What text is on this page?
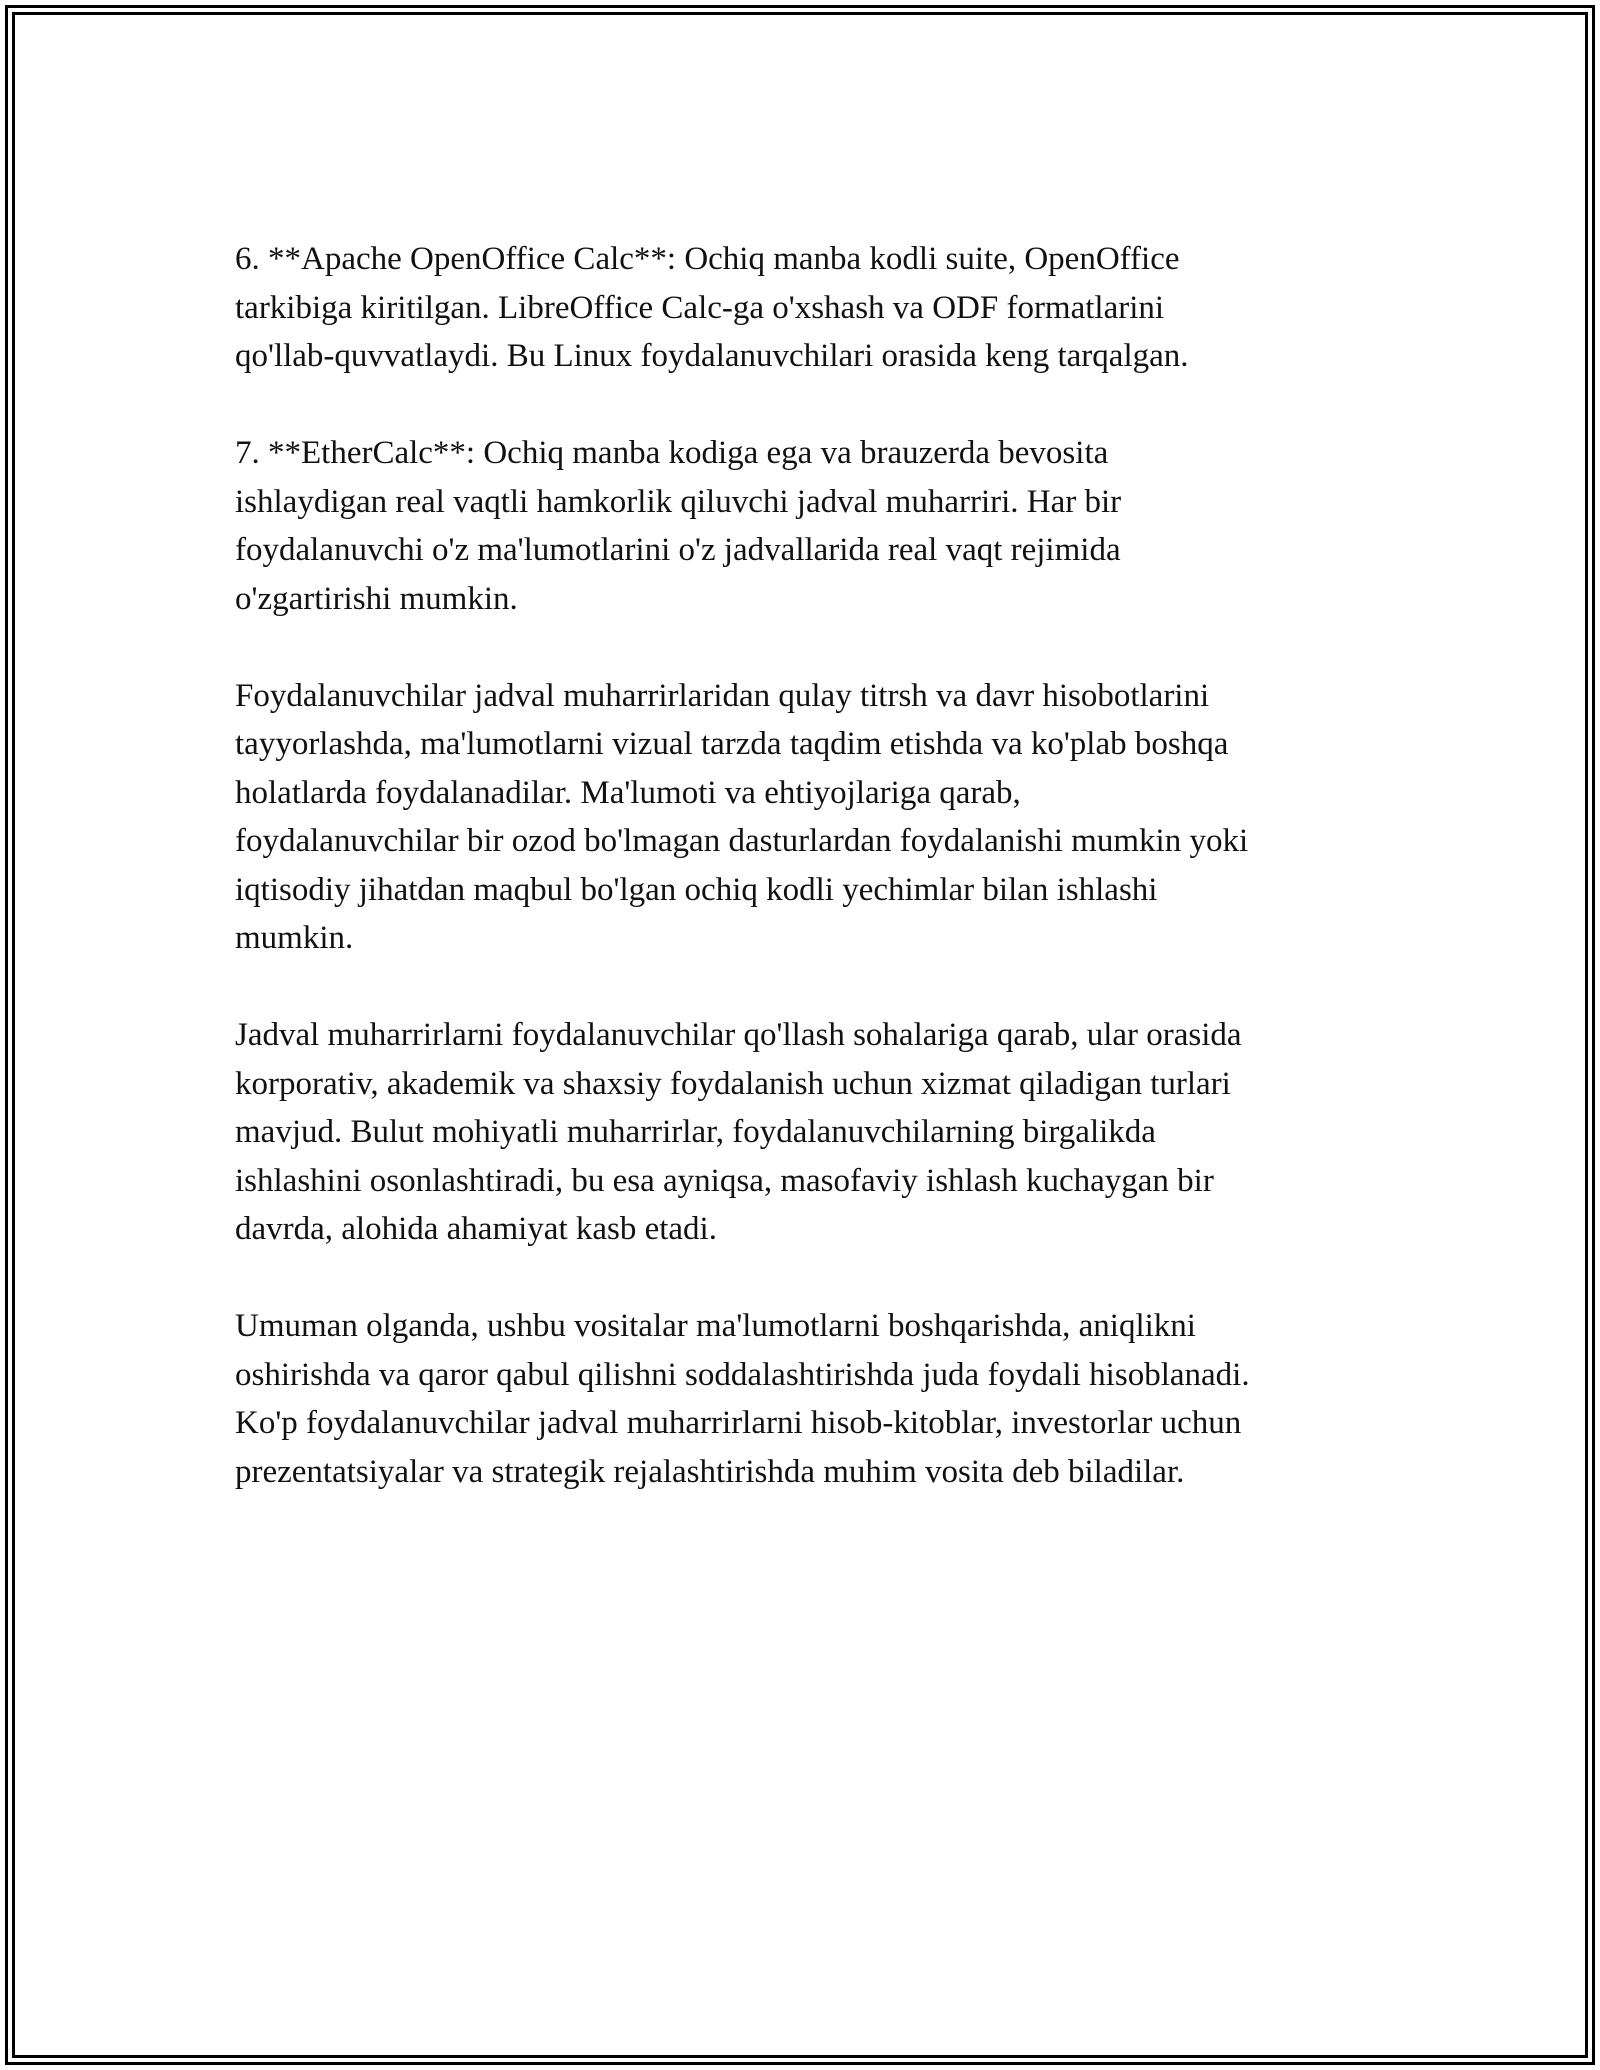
6. **Apache OpenOffice Calc**: Ochiq manba kodli suite, OpenOffice
tarkibiga kiritilgan. LibreOffice Calc-ga o'xshash va ODF formatlarini
qo'llab-quvvatlaydi. Bu Linux foydalanuvchilari orasida keng tarqalgan.

7. **EtherCalc**: Ochiq manba kodiga ega va brauzerda bevosita
ishlaydigan real vaqtli hamkorlik qiluvchi jadval muharriri. Har bir
foydalanuvchi o'z ma'lumotlarini o'z jadvallarida real vaqt rejimida
o'zgartirishi mumkin.

Foydalanuvchilar jadval muharrirlaridan qulay titrsh va davr hisobotlarini
tayyorlashda, ma'lumotlarni vizual tarzda taqdim etishda va ko'plab boshqa
holatlarda foydalanadilar. Ma'lumoti va ehtiyojlariga qarab,
foydalanuvchilar bir ozod bo'lmagan dasturlardan foydalanishi mumkin yoki
iqtisodiy jihatdan maqbul bo'lgan ochiq kodli yechimlar bilan ishlashi
mumkin.

Jadval muharrirlarni foydalanuvchilar qo'llash sohalariga qarab, ular orasida
korporativ, akademik va shaxsiy foydalanish uchun xizmat qiladigan turlari
mavjud. Bulut mohiyatli muharrirlar, foydalanuvchilarning birgalikda
ishlashini osonlashtiradi, bu esa ayniqsa, masofaviy ishlash kuchaygan bir
davrda, alohida ahamiyat kasb etadi.

Umuman olganda, ushbu vositalar ma'lumotlarni boshqarishda, aniqlikni
oshirishda va qaror qabul qilishni soddalashtirishda juda foydali hisoblanadi.
Ko'p foydalanuvchilar jadval muharrirlarni hisob-kitoblar, investorlar uchun
prezentatsiyalar va strategik rejalashtirishda muhim vosita deb biladilar.
